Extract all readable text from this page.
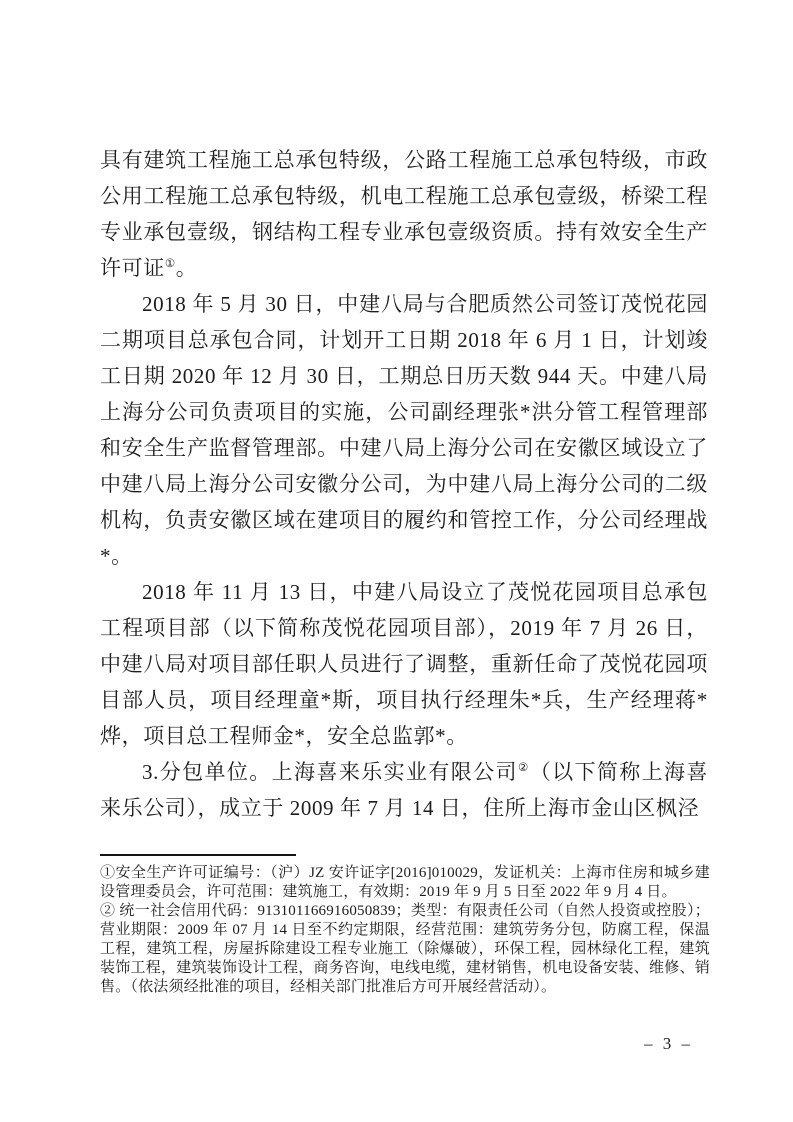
具有建筑工程施工总承包特级，公路工程施工总承包特级，市政公用工程施工总承包特级，机电工程施工总承包壹级，桥梁工程专业承包壹级，钢结构工程专业承包壹级资质。持有效安全生产许可证①。

2018 年 5 月 30 日，中建八局与合肥质然公司签订茂悦花园二期项目总承包合同，计划开工日期 2018 年 6 月 1 日，计划竣工日期 2020 年 12 月 30 日，工期总日历天数 944 天。中建八局上海分公司负责项目的实施，公司副经理张*洪分管工程管理部和安全生产监督管理部。中建八局上海分公司在安徽区域设立了中建八局上海分公司安徽分公司，为中建八局上海分公司的二级机构，负责安徽区域在建项目的履约和管控工作，分公司经理战*。

2018 年 11 月 13 日，中建八局设立了茂悦花园项目总承包工程项目部（以下简称茂悦花园项目部），2019 年 7 月 26 日，中建八局对项目部任职人员进行了调整，重新任命了茂悦花园项目部人员，项目经理童*斯，项目执行经理朱*兵，生产经理蒋*烨，项目总工程师金*，安全总监郭*。

3.分包单位。上海喜来乐实业有限公司②（以下简称上海喜来乐公司），成立于 2009 年 7 月 14 日，住所上海市金山区枫泾

①安全生产许可证编号：（沪）JZ 安许证字[2016]010029，发证机关：上海市住房和城乡建设管理委员会，许可范围：建筑施工，有效期：2019 年 9 月 5 日至 2022 年 9 月 4 日。

② 统一社会信用代码：913101166916050839；类型：有限责任公司（自然人投资或控股）；营业期限：2009 年 07 月 14 日至不约定期限，经营范围：建筑劳务分包，防腐工程，保温工程，建筑工程，房屋拆除建设工程专业施工（除爆破），环保工程，园林绿化工程，建筑装饰工程，建筑装饰设计工程，商务咨询，电线电缆，建材销售，机电设备安装、维修、销售。（依法须经批准的项目，经相关部门批准后方可开展经营活动）。

– 3 –
